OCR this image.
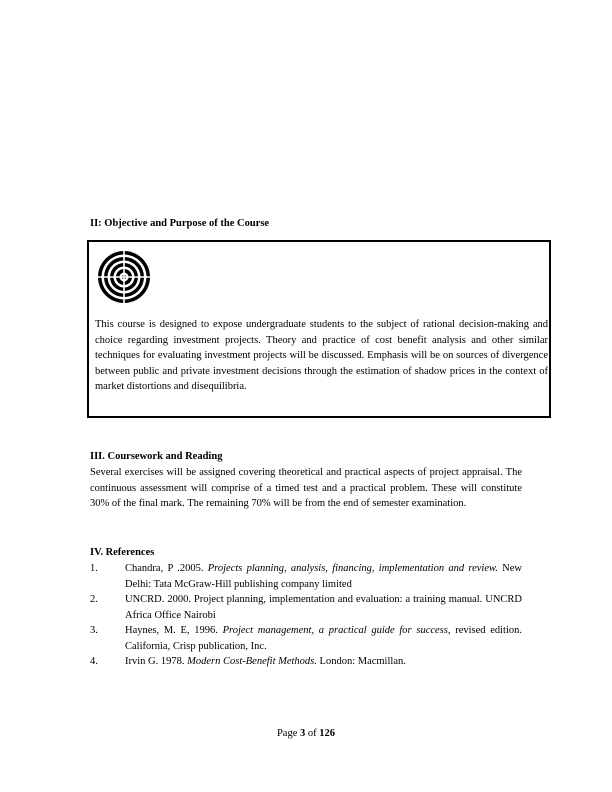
II: Objective and Purpose of the Course

This course is designed to expose undergraduate students to the subject of rational decision-making and choice regarding investment projects. Theory and practice of cost benefit analysis and other similar techniques for evaluating investment projects will be discussed. Emphasis will be on sources of divergence between public and private investment decisions through the estimation of shadow prices in the context of market distortions and disequilibria.

III. Coursework and Reading

Several exercises will be assigned covering theoretical and practical aspects of project appraisal. The continuous assessment will comprise of a timed test and a practical problem. These will constitute 30% of the final mark. The remaining 70% will be from the end of semester examination.

IV. References
1.	Chandra, P .2005. Projects planning, analysis, financing, implementation and review. New Delhi: Tata McGraw-Hill publishing company limited
2.	UNCRD. 2000. Project planning, implementation and evaluation: a training manual. UNCRD Africa Office Nairobi
3.	Haynes, M. E, 1996. Project management, a practical guide for success, revised edition. California, Crisp publication, Inc.
4.	Irvin G. 1978. Modern Cost-Benefit Methods. London: Macmillan.

Page 3 of 126
